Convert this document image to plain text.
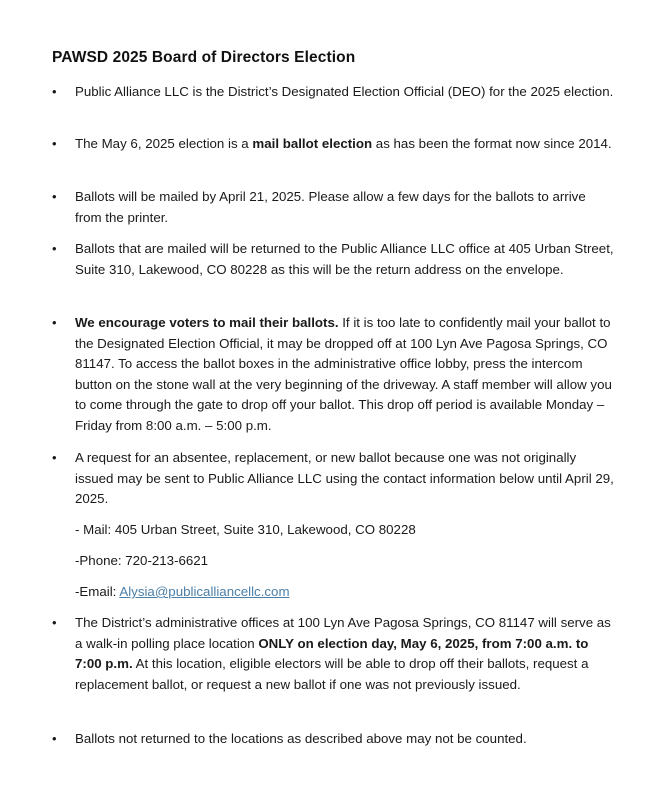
PAWSD 2025 Board of Directors Election
•	Public Alliance LLC is the District’s Designated Election Official (DEO) for the 2025 election.
•	The May 6, 2025 election is a mail ballot election as has been the format now since 2014.
•	Ballots will be mailed by April 21, 2025. Please allow a few days for the ballots to arrive from the printer.
•	Ballots that are mailed will be returned to the Public Alliance LLC office at 405 Urban Street, Suite 310, Lakewood, CO 80228 as this will be the return address on the envelope.
•	We encourage voters to mail their ballots. If it is too late to confidently mail your ballot to the Designated Election Official, it may be dropped off at 100 Lyn Ave Pagosa Springs, CO 81147. To access the ballot boxes in the administrative office lobby, press the intercom button on the stone wall at the very beginning of the driveway. A staff member will allow you to come through the gate to drop off your ballot. This drop off period is available Monday – Friday from 8:00 a.m. – 5:00 p.m.
•	A request for an absentee, replacement, or new ballot because one was not originally issued may be sent to Public Alliance LLC using the contact information below until April 29, 2025.
- Mail: 405 Urban Street, Suite 310, Lakewood, CO 80228
-Phone: 720-213-6621
-Email: Alysia@publicalliancellc.com
•	The District’s administrative offices at 100 Lyn Ave Pagosa Springs, CO 81147 will serve as a walk-in polling place location ONLY on election day, May 6, 2025, from 7:00 a.m. to 7:00 p.m. At this location, eligible electors will be able to drop off their ballots, request a replacement ballot, or request a new ballot if one was not previously issued.
•	Ballots not returned to the locations as described above may not be counted.
